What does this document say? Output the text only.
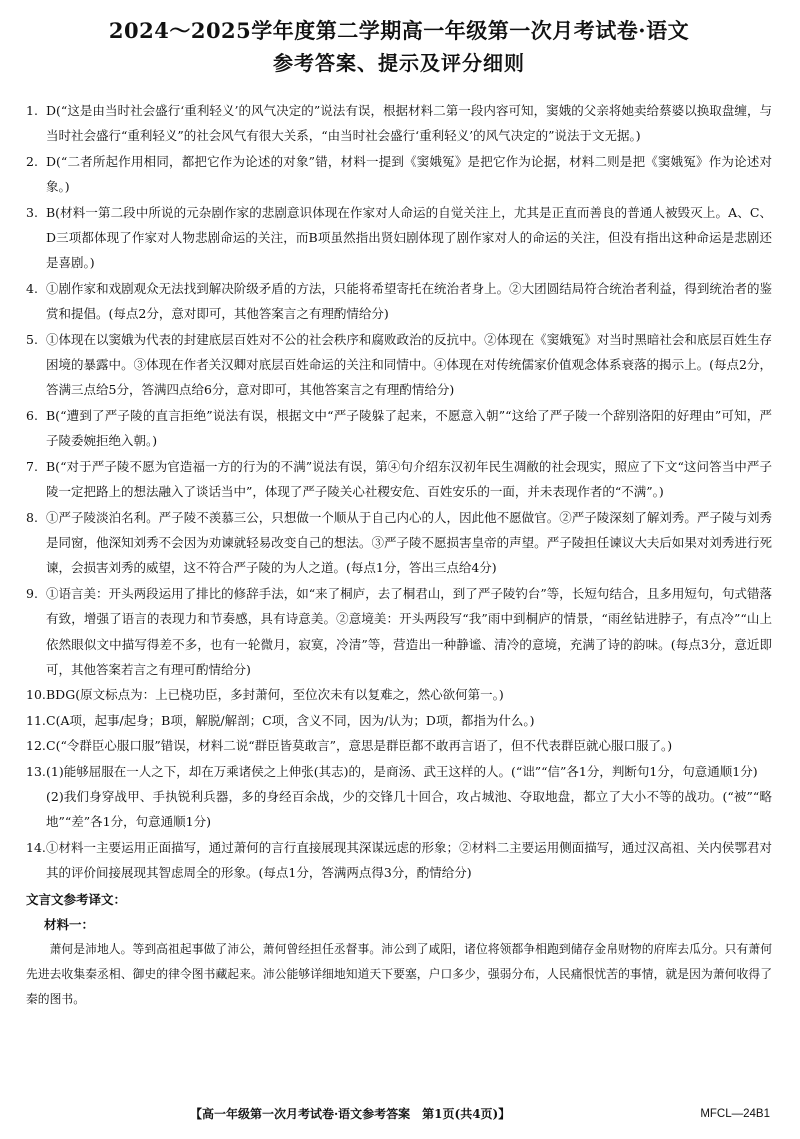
2024～2025学年度第二学期高一年级第一次月考试卷·语文
参考答案、提示及评分细则
1. D(“这是由当时社会盛行‘重利轻义’的风气决定的”说法有误，根据材料二第一段内容可知，窦娥的父亲将她卖给蔡婆以换取盘缠，与当时社会盛行“重利轻义”的社会风气有很大关系，“由当时社会盛行‘重利轻义’的风气决定的”说法于文无据。)
2. D(“二者所起作用相同，都把它作为论述的对象”错，材料一提到《窦娥冤》是把它作为论据，材料二则是把《窦娥冤》作为论述对象。)
3. B(材料一第二段中所说的元杂剧作家的悲剧意识体现在作家对人命运的自觉关注上，尤其是正直而善良的普通人被毁灭上。A、C、D三项都体现了作家对人物悲剧命运的关注，而B项虽然指出贤妇剧体现了剧作家对人的命运的关注，但没有指出这种命运是悲剧还是喜剧。)
4. ①剧作家和戏剧观众无法找到解决阶级矛盾的方法，只能将希望寄托在统治者身上。②大团圆结局符合统治者利益，得到统治者的鉴赏和提倡。(每点2分，意对即可，其他答案言之有理酌情给分)
5. ①体现在以窦娥为代表的封建底层百姓对不公的社会秩序和腐败政治的反抗中。②体现在《窦娥冤》对当时黑暗社会和底层百姓生存困境的暴露中。③体现在作者关汉卿对底层百姓命运的关注和同情中。④体现在对传统儒家价值观念体系衰落的揭示上。(每点2分，答满三点给5分，答满四点给6分，意对即可，其他答案言之有理酌情给分)
6. B(“遭到了严子陵的直言拒绝”说法有误，根据文中“严子陵躲了起来，不愿意入朝”“这给了严子陵一个辞别洛阳的好理由”可知，严子陵委婉拒绝入朝。)
7. B(“对于严子陵不愿为官造福一方的行为的不满”说法有误，第④句介绍东汉初年民生凋敝的社会现实，照应了下文“这问答当中严子陵一定把路上的想法融入了谈话当中”，体现了严子陵关心社稷安危、百姓安乐的一面，并未表现作者的“不满”。)
8. ①严子陵淡泊名利。严子陵不羡慕三公，只想做一个顺从于自己内心的人，因此他不愿做官。②严子陵深刻了解刘秀。严子陵与刘秀是同窗，他深知刘秀不会因为劝谏就轻易改变自己的想法。③严子陵不愿损害皇帝的声望。严子陵担任谏议大夫后如果对刘秀进行死谏，会损害刘秀的威望，这不符合严子陵的为人之道。(每点1分，答出三点给4分)
9. ①语言美：开头两段运用了排比的修辞手法，如“来了桐庐，去了桐君山，到了严子陵钓台”等，长短句结合，且多用短句，句式错落有致，增强了语言的表现力和节奏感，具有诗意美。②意境美：开头两段写“我”雨中到桐庐的情景，“雨丝钻进脖子，有点冷”“山上依然眼似文中描写得差不多，也有一轮微月，寂寞，冷清”等，营造出一种静谧、清冷的意境，充满了诗的韵味。(每点3分，意近即可，其他答案若言之有理可酌情给分)
10. BDG(原文标点为：上已桡功臣，多封萧何，至位次未有以复难之，然心欲何第一。)
11. C(A项，起事/起身；B项，解脱/解剖；C项，含义不同，因为/认为；D项，都指为什么。)
12. C(“令群臣心服口服”错误，材料二说“群臣皆莫敢言”，意思是群臣都不敢再言语了，但不代表群臣就心服口服了。)
13. (1)能够屈服在一人之下，却在万乘诸侯之上伸张(其志)的，是商汤、武王这样的人。(“诎”“信”各1分，判断句1分，句意通顺1分)
(2)我们身穿战甲、手执锐利兵器，多的身经百余战，少的交锋几十回合，攻占城池、夺取地盘，都立了大小不等的战功。(“被”“略地”“差”各1分，句意通顺1分)
14. ①材料一主要运用正面描写，通过萧何的言行直接展现其深谋远虑的形象；②材料二主要运用侧面描写，通过汉高祖、关内侯鄂君对其的评价间接展现其智虑周全的形象。(每点1分，答满两点得3分，酌情给分)
文言文参考译文：
材料一：
萧何是沛地人。等到高祖起事做了沛公，萧何曾经担任丞督事。沛公到了咸阳，诸位将领都争相跑到储存金帛财物的府库去瓜分。只有萧何先进去收集秦丞相、御史的律令图书藏起来。沛公能够详细地知道天下要塞，户口多少，强弱分布，人民痛恨忧苦的事情，就是因为萧何收得了秦的图书。
【高一年级第一次月考试卷·语文参考答案　第1页(共4页)】	MFCL—24B1
